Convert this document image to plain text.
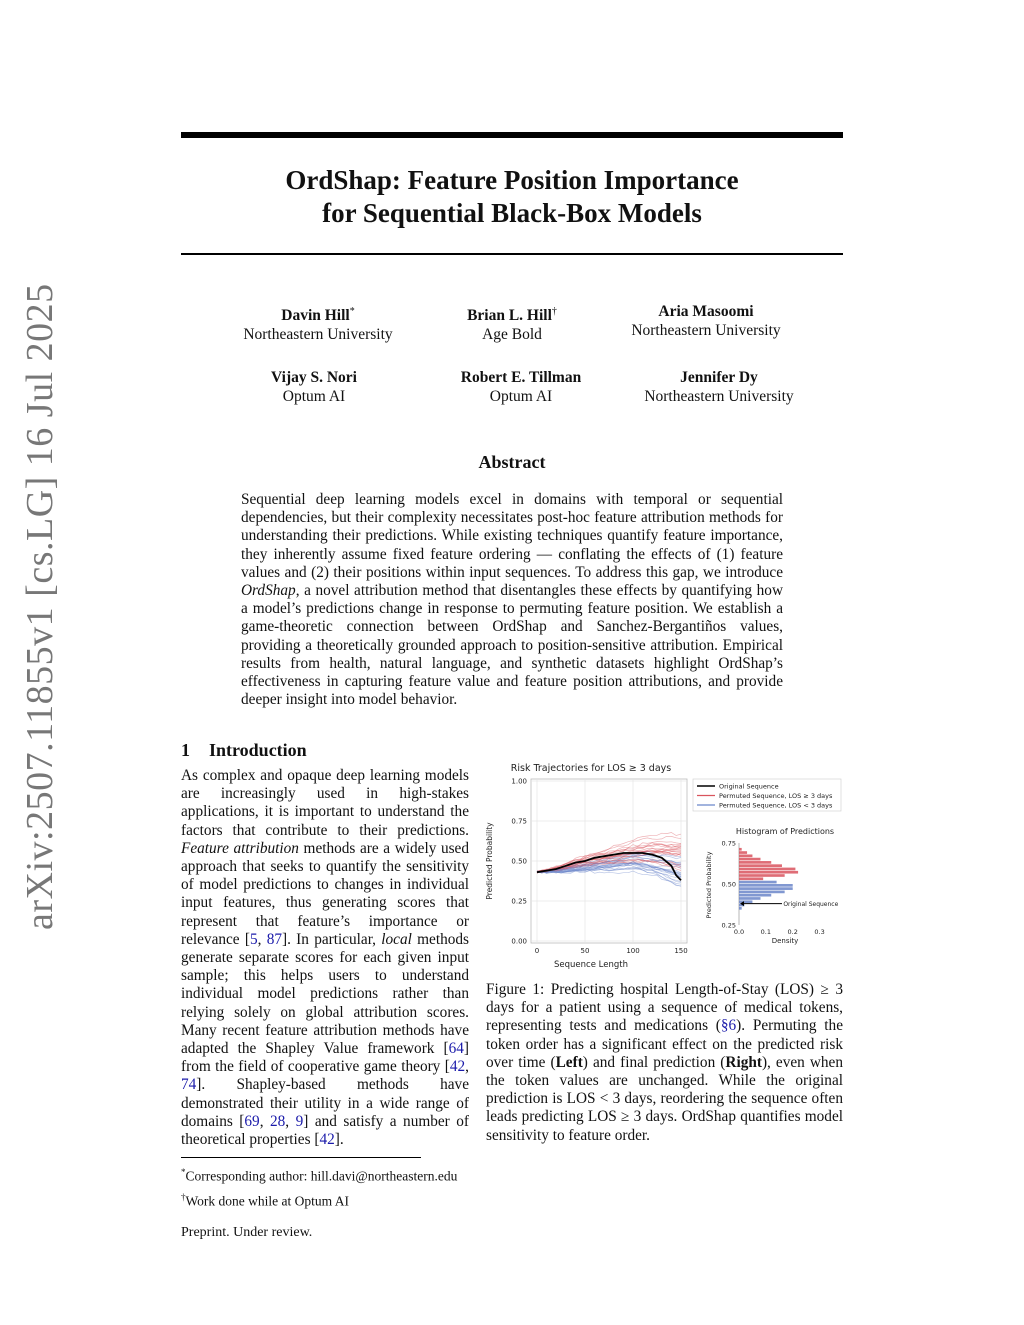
arXiv:2507.11855v1 [cs.LG] 16 Jul 2025
OrdShap: Feature Position Importance
for Sequential Black-Box Models
Davin Hill*
Northeastern University
Brian L. Hill†
Age Bold
Aria Masoomi
Northeastern University
Vijay S. Nori
Optum AI
Robert E. Tillman
Optum AI
Jennifer Dy
Northeastern University
Abstract
Sequential deep learning models excel in domains with temporal or sequential dependencies, but their complexity necessitates post-hoc feature attribution methods for understanding their predictions. While existing techniques quantify feature importance, they inherently assume fixed feature ordering — conflating the effects of (1) feature values and (2) their positions within input sequences. To address this gap, we introduce OrdShap, a novel attribution method that disentangles these effects by quantifying how a model’s predictions change in response to permuting feature position. We establish a game-theoretic connection between OrdShap and Sanchez-Bergantiños values, providing a theoretically grounded approach to position-sensitive attribution. Empirical results from health, natural language, and synthetic datasets highlight OrdShap’s effectiveness in capturing feature value and feature position attributions, and provide deeper insight into model behavior.
1 Introduction
As complex and opaque deep learning models are increasingly used in high-stakes applications, it is important to understand the factors that contribute to their predictions. Feature attribution methods are a widely used approach that seeks to quantify the sensitivity of model predictions to changes in individual input features, thus generating scores that represent that feature’s importance or relevance [5, 87]. In particular, local methods generate separate scores for each given input sample; this helps users to understand individual model predictions rather than relying solely on global attribution scores. Many recent feature attribution methods have adapted the Shapley Value framework [64] from the field of cooperative game theory [42, 74]. Shapley-based methods have demonstrated their utility in a wide range of domains [69, 28, 9] and satisfy a number of theoretical properties [42].
Risk Trajectories for LOS ≥ 3 days
0.00
0.25
0.50
0.75
1.00
0	50	100	150
Predicted Probability
Sequence Length
Original Sequence
Permuted Sequence, LOS ≥ 3 days
Permuted Sequence, LOS < 3 days
Histogram of Predictions
0.25
0.50
0.75
0.0	0.1	0.2	0.3
Original Sequence
Predicted Probability
Density
Figure 1: Predicting hospital Length-of-Stay (LOS) ≥ 3 days for a patient using a sequence of medical tokens, representing tests and medications (§6). Permuting the token order has a significant effect on the predicted risk over time (Left) and final prediction (Right), even when the token values are unchanged. While the original prediction is LOS < 3 days, reordering the sequence often leads predicting LOS ≥ 3 days. OrdShap quantifies model sensitivity to feature order.
*Corresponding author: hill.davi@northeastern.edu
†Work done while at Optum AI
Preprint. Under review.
